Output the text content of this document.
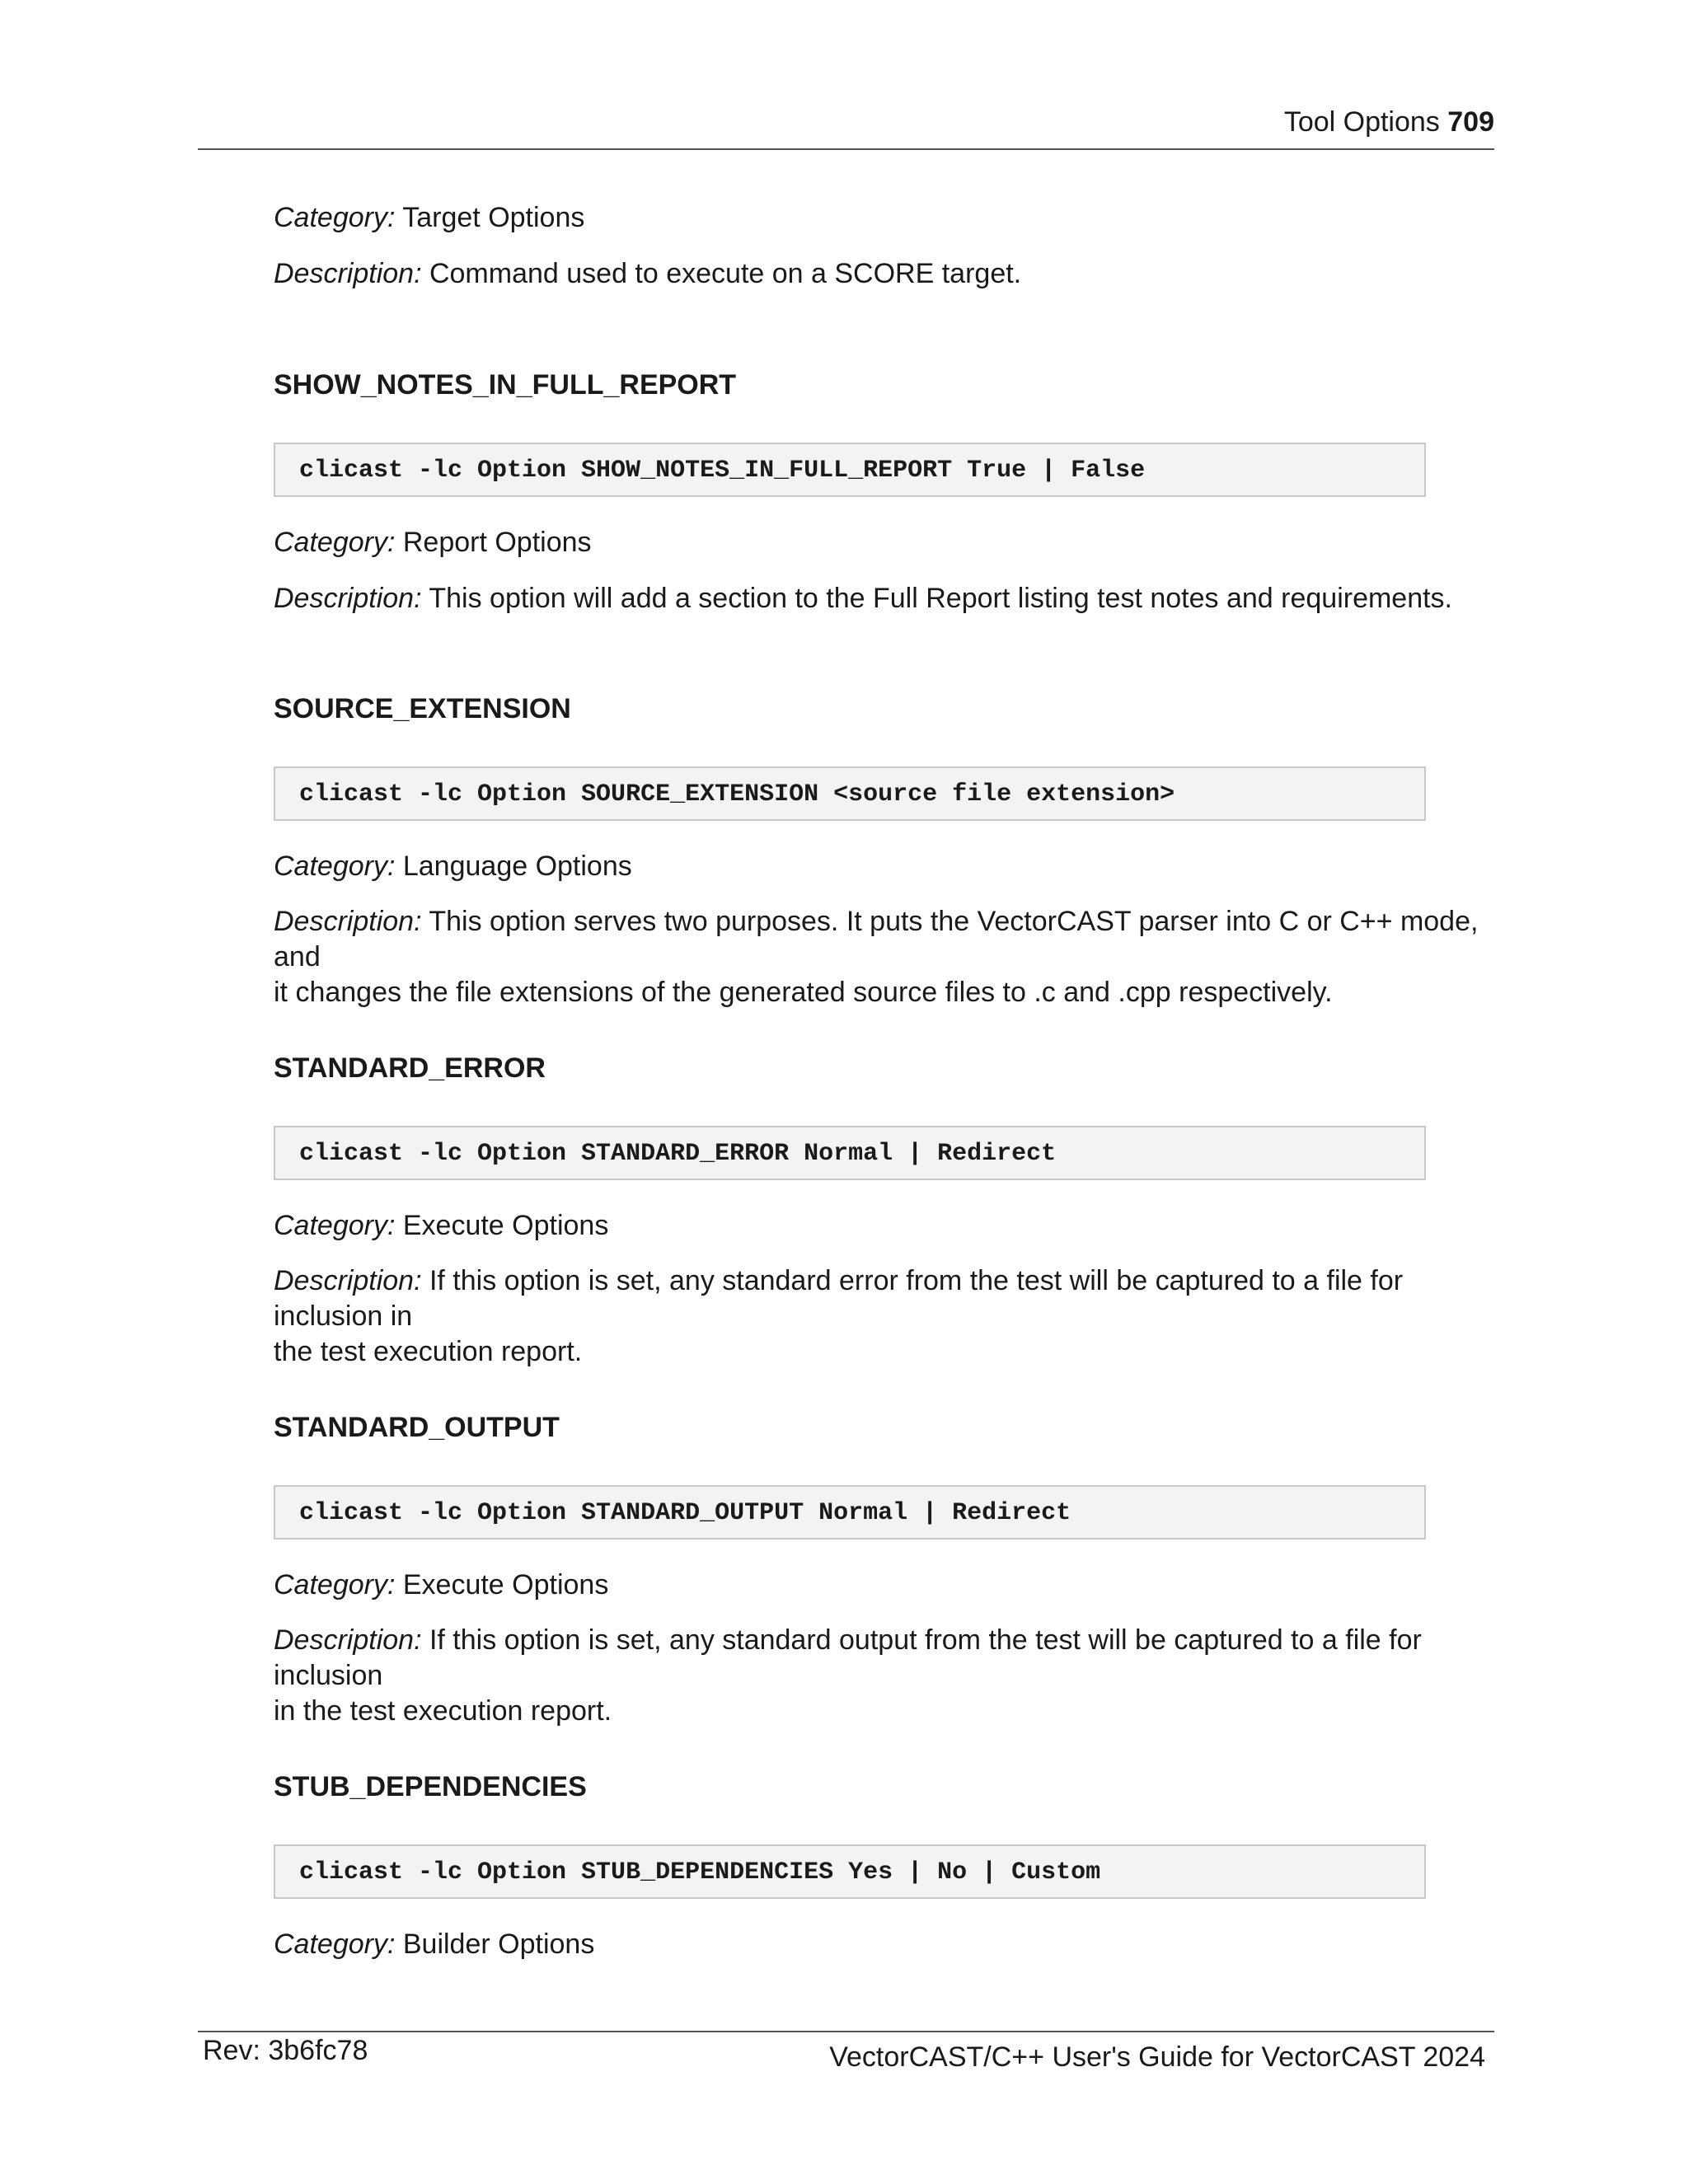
Tool Options 709

Category: Target Options

Description: Command used to execute on a SCORE target.

SHOW_NOTES_IN_FULL_REPORT
clicast -lc Option SHOW_NOTES_IN_FULL_REPORT True | False

Category: Report Options

Description: This option will add a section to the Full Report listing test notes and requirements.

SOURCE_EXTENSION
clicast -lc Option SOURCE_EXTENSION <source file extension>

Category: Language Options

Description: This option serves two purposes. It puts the VectorCAST parser into C or C++ mode, and
it changes the file extensions of the generated source files to .c and .cpp respectively.

STANDARD_ERROR
clicast -lc Option STANDARD_ERROR Normal | Redirect

Category: Execute Options

Description: If this option is set, any standard error from the test will be captured to a file for inclusion in
the test execution report.

STANDARD_OUTPUT
clicast -lc Option STANDARD_OUTPUT Normal | Redirect

Category: Execute Options

Description: If this option is set, any standard output from the test will be captured to a file for inclusion
in the test execution report.

STUB_DEPENDENCIES
clicast -lc Option STUB_DEPENDENCIES Yes | No | Custom

Category: Builder Options

Rev: 3b6fc78	VectorCAST/C++ User's Guide for VectorCAST 2024
